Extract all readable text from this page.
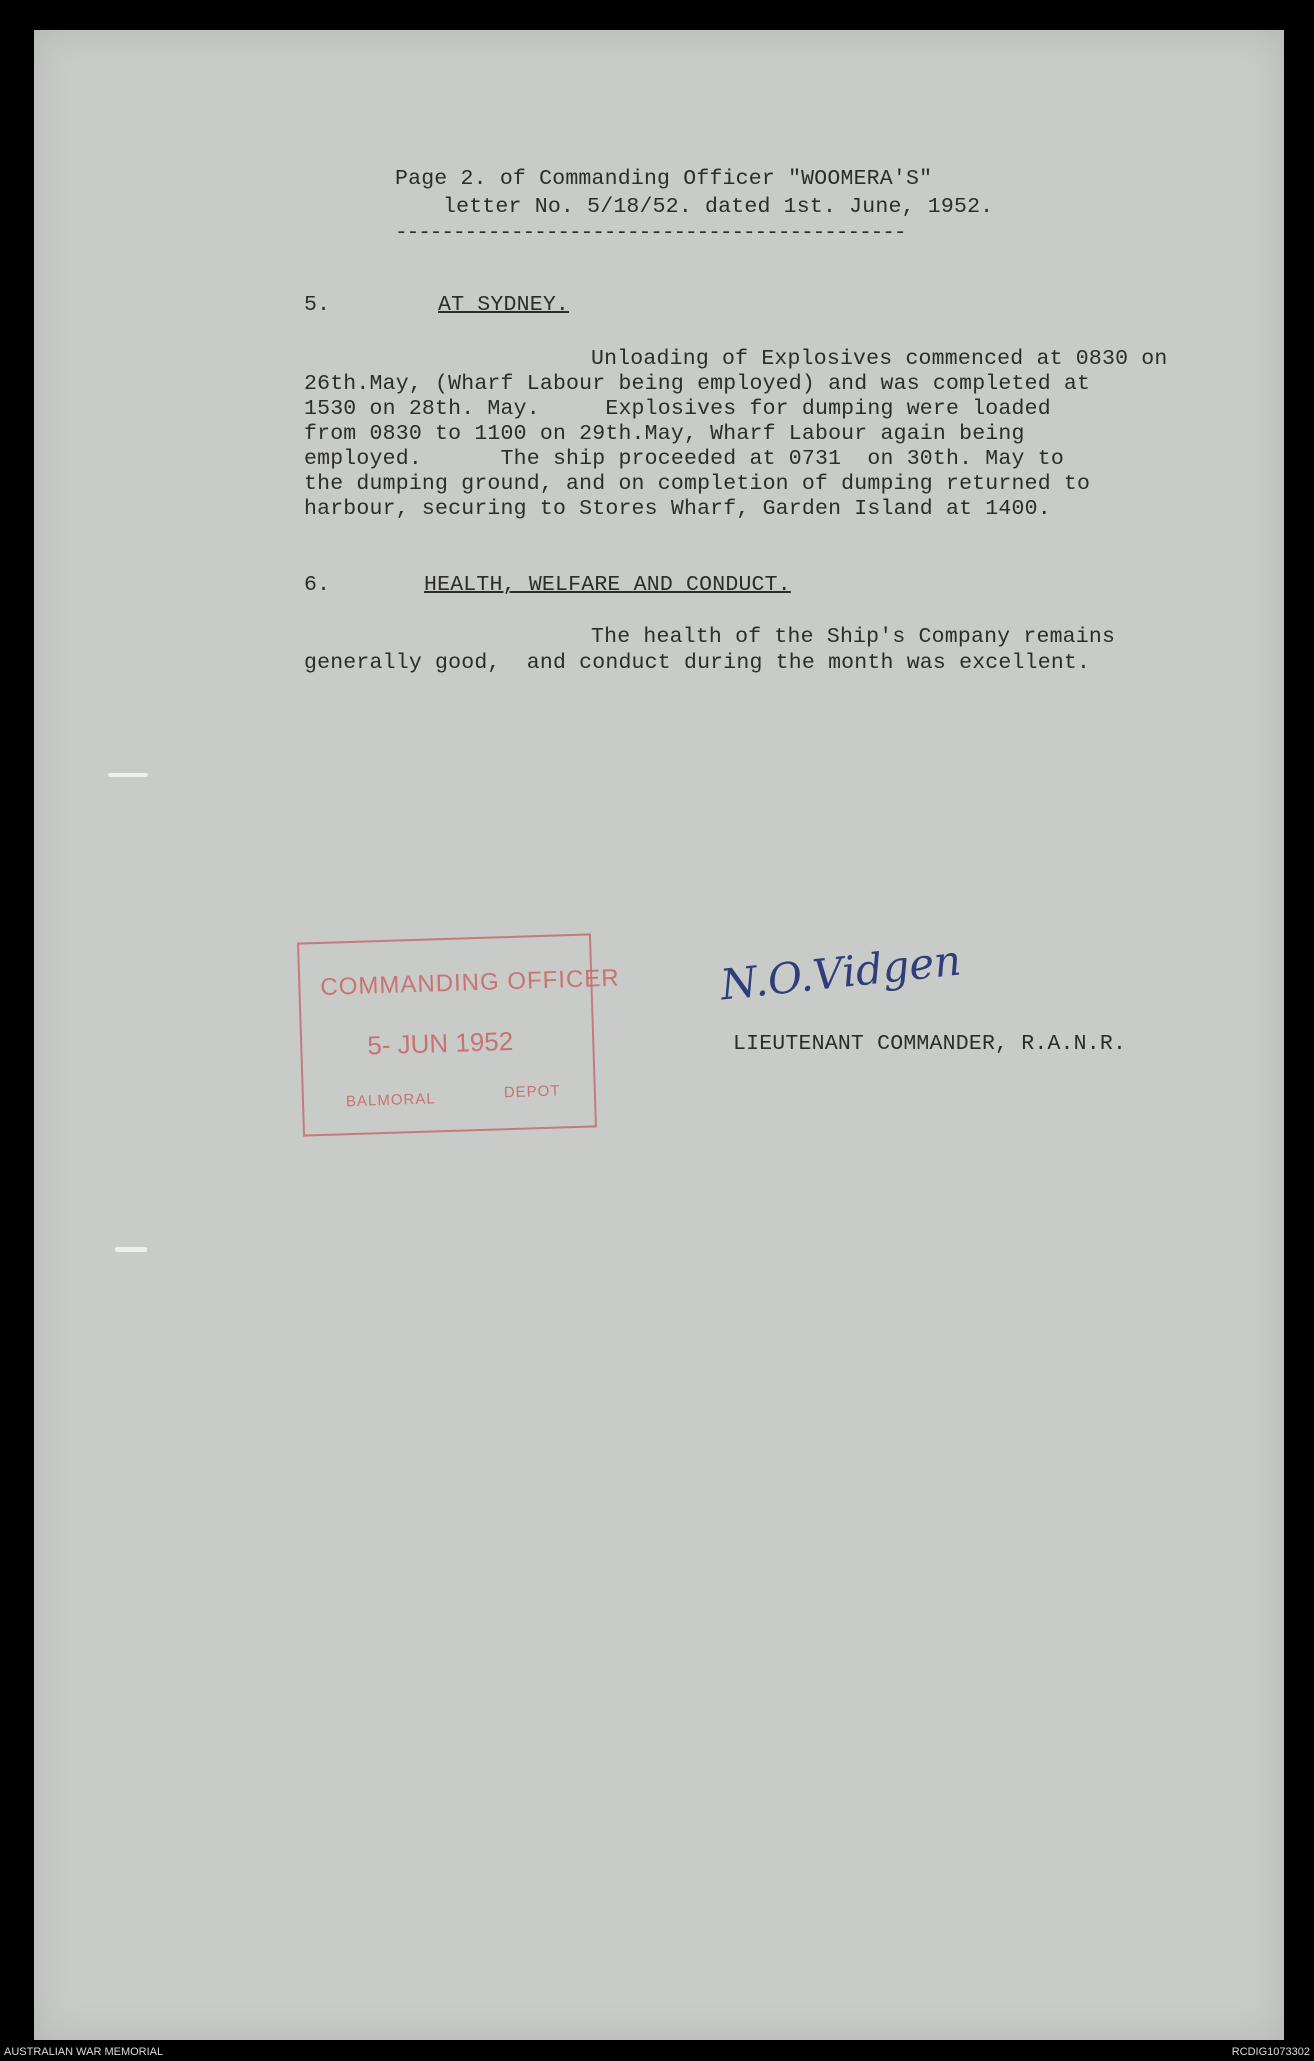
Page 2. of Commanding Officer "WOOMERA'S"
letter No. 5/18/52. dated 1st. June, 1952.
--------------------------------------------
5.	AT SYDNEY.
Unloading of Explosives commenced at 0830 on
26th.May, (Wharf Labour being employed) and was completed at
1530 on 28th. May.     Explosives for dumping were loaded
from 0830 to 1100 on 29th.May, Wharf Labour again being
employed.      The ship proceeded at 0731  on 30th. May to
the dumping ground, and on completion of dumping returned to
harbour, securing to Stores Wharf, Garden Island at 1400.
6.	HEALTH, WELFARE AND CONDUCT.
The health of the Ship's Company remains
generally good,  and conduct during the month was excellent.
COMMANDING OFFICER
5- JUN 1952
BALMORAL	DEPOT
N.O.Vidgen
LIEUTENANT COMMANDER, R.A.N.R.
AUSTRALIAN WAR MEMORIAL	RCDIG1073302
